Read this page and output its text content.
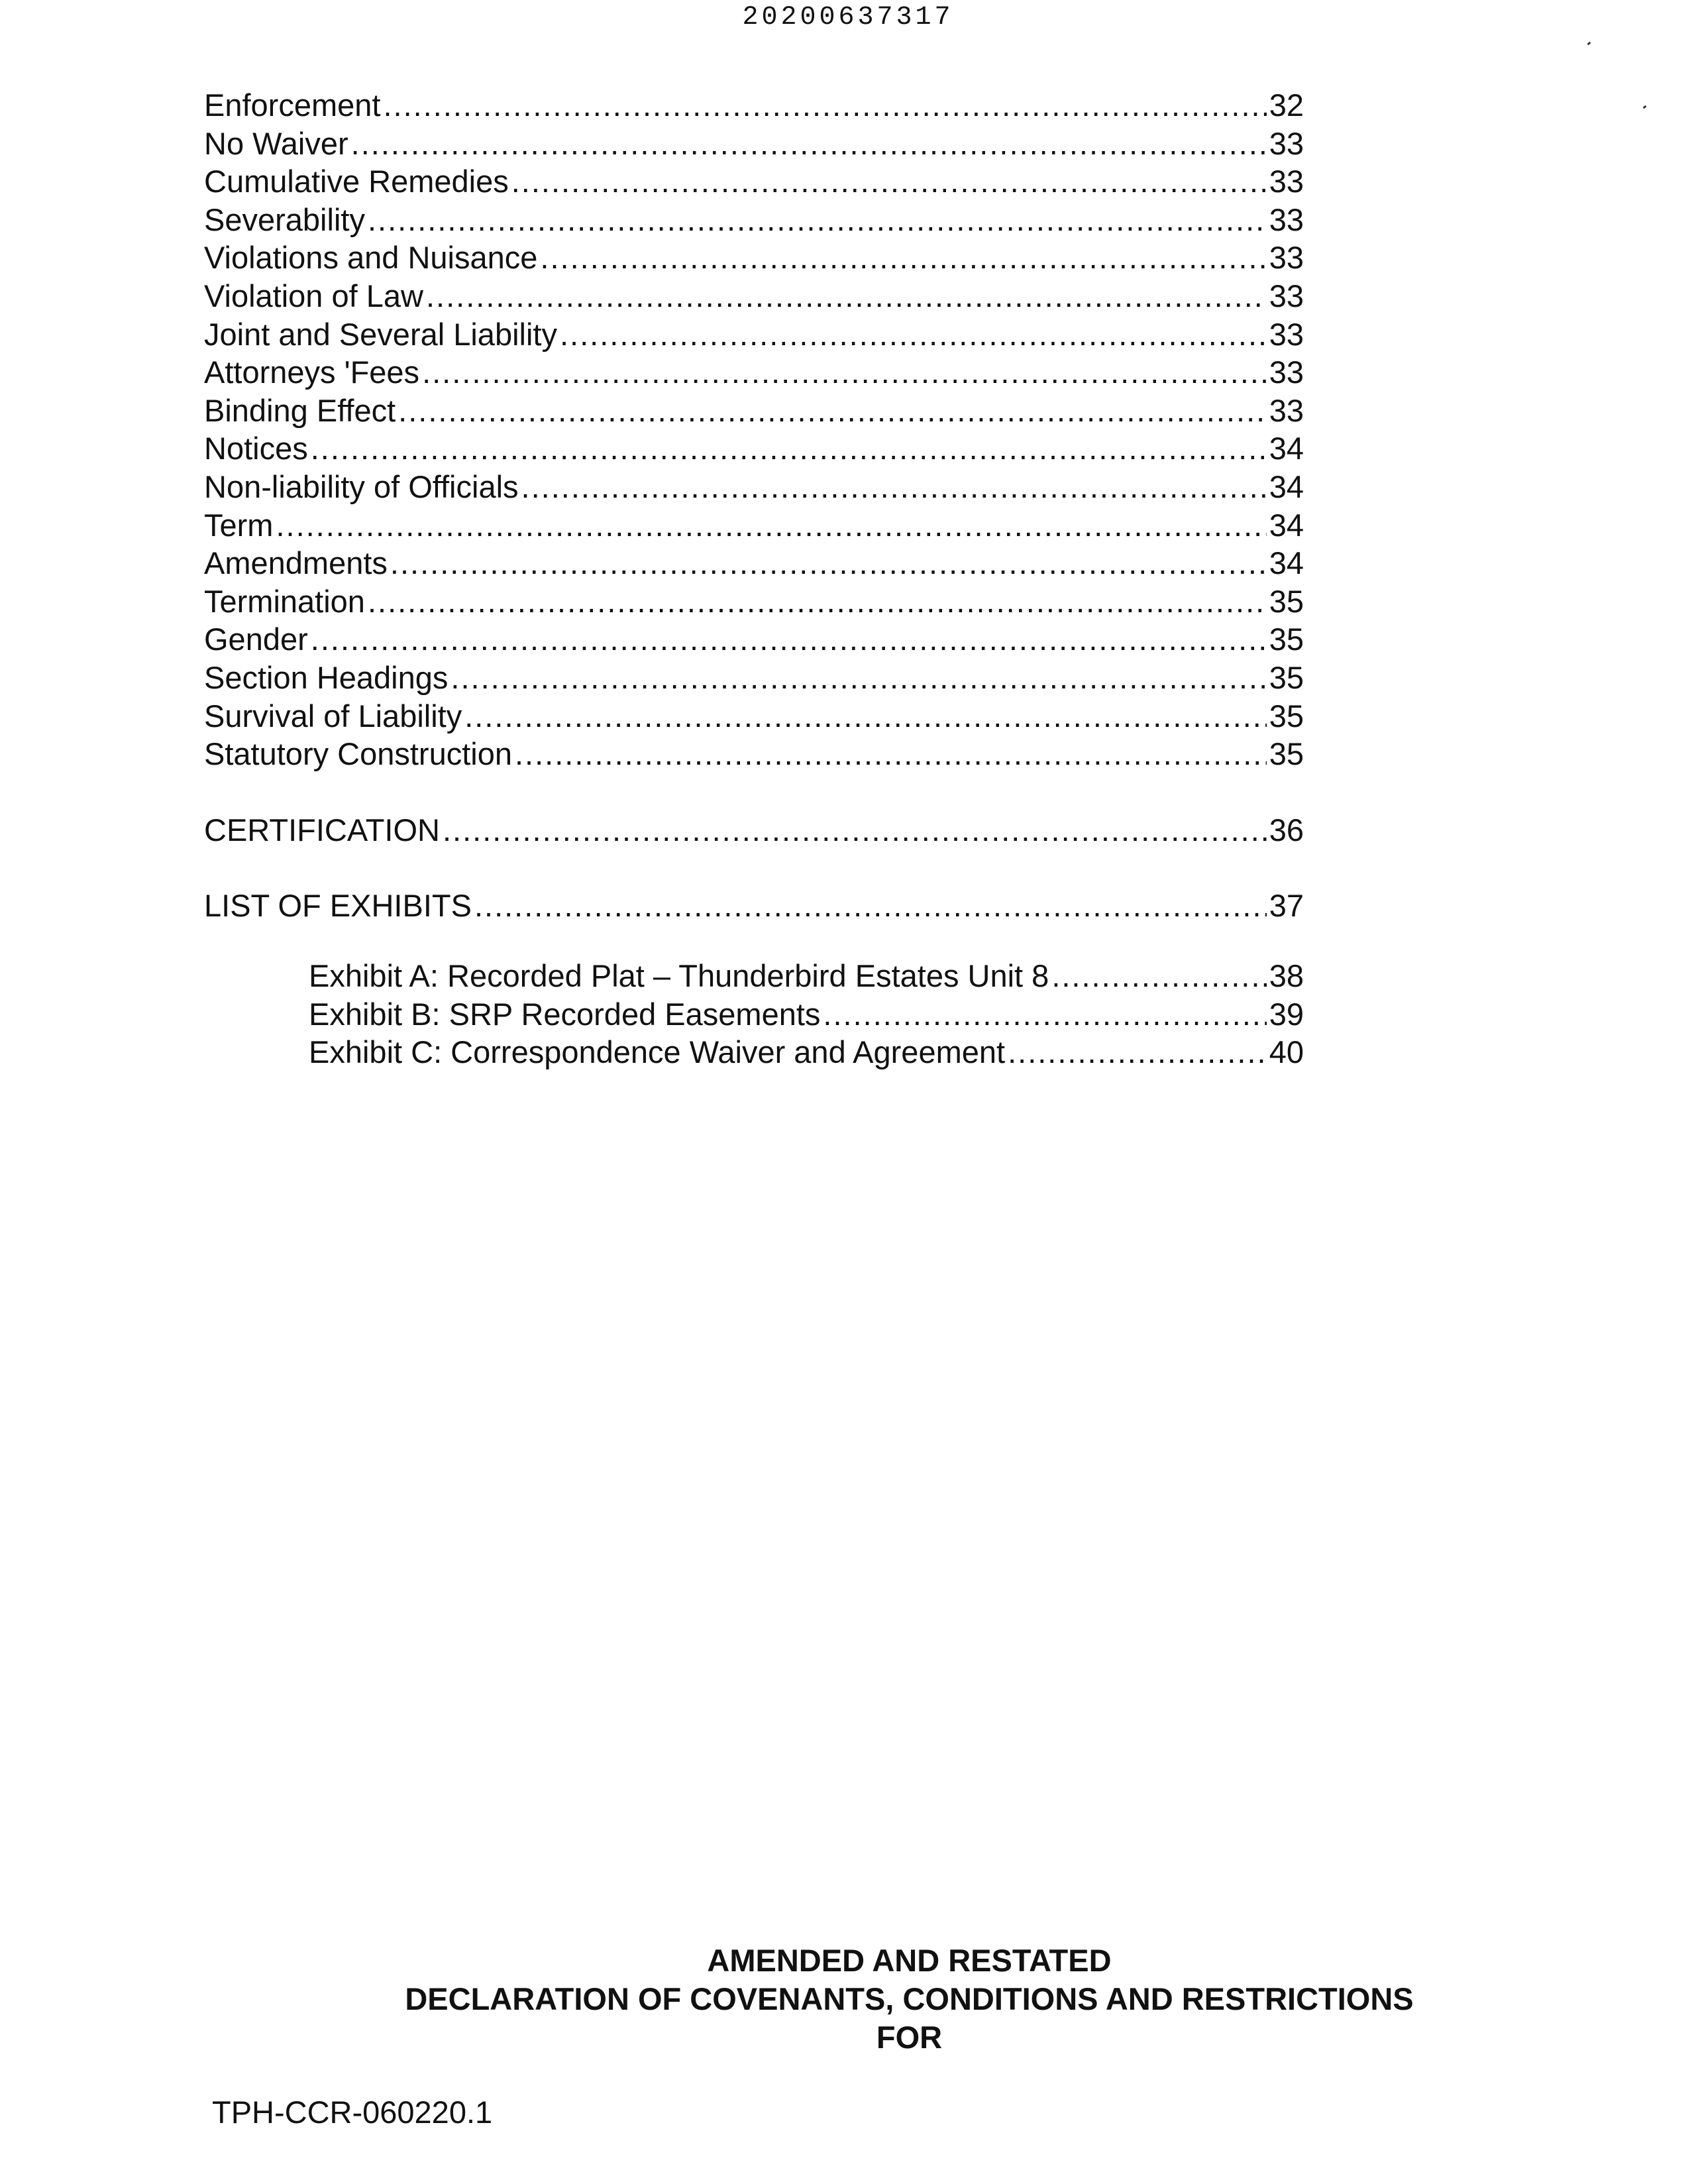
20200637317
Enforcement .....	32
No Waiver .....	33
Cumulative Remedies .....	33
Severability .....	33
Violations and Nuisance .....	33
Violation of Law .....	33
Joint and Several Liability .....	33
Attorneys 'Fees .....	33
Binding Effect .....	33
Notices .....	34
Non-liability of Officials .....	34
Term .....	34
Amendments .....	34
Termination .....	35
Gender .....	35
Section Headings .....	35
Survival of Liability .....	35
Statutory Construction .....	35
CERTIFICATION .....	36
LIST OF EXHIBITS .....	37
Exhibit A: Recorded Plat – Thunderbird Estates Unit 8 .....	38
Exhibit B: SRP Recorded Easements .....	39
Exhibit C: Correspondence Waiver and Agreement .....	40
AMENDED AND RESTATED
DECLARATION OF COVENANTS, CONDITIONS AND RESTRICTIONS
FOR
TPH-CCR-060220.1
